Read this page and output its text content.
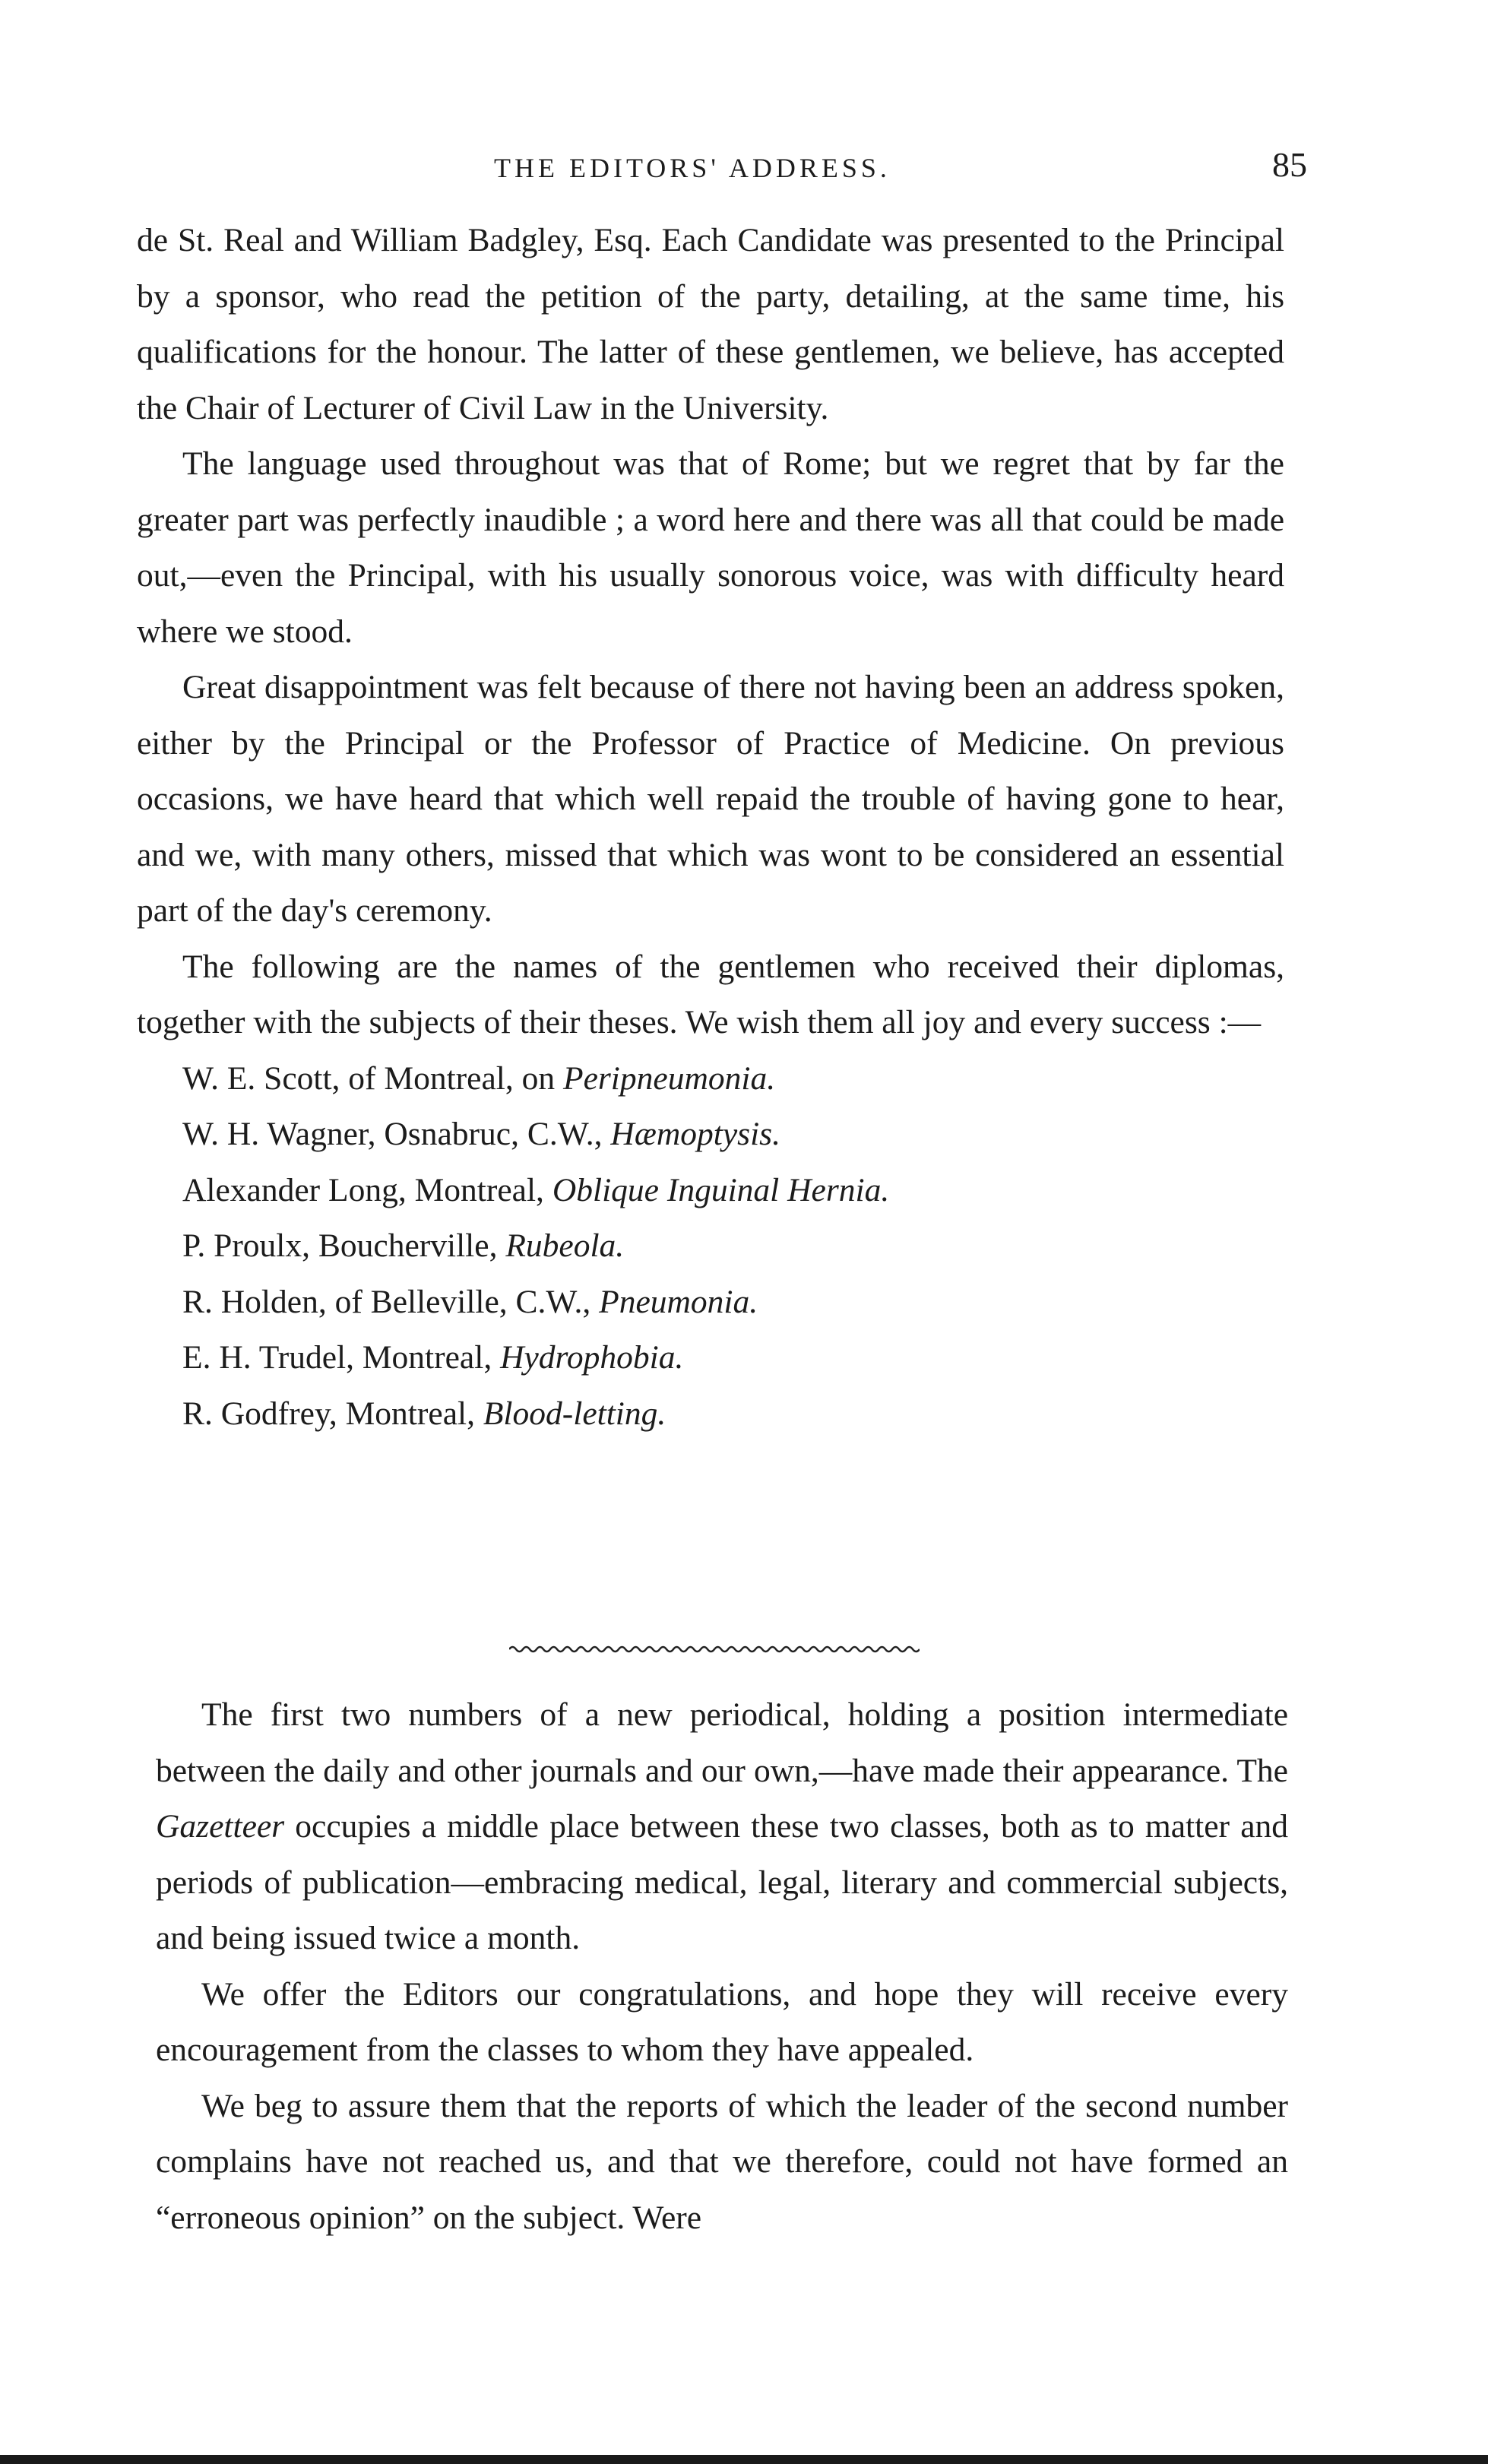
THE EDITORS' ADDRESS.	85

de St. Real and William Badgley, Esq. Each Candidate was presented to the Principal by a sponsor, who read the petition of the party, detailing, at the same time, his qualifications for the honour. The latter of these gentlemen, we believe, has accepted the Chair of Lecturer of Civil Law in the University.

The language used throughout was that of Rome; but we regret that by far the greater part was perfectly inaudible ; a word here and there was all that could be made out,—even the Principal, with his usually sonorous voice, was with difficulty heard where we stood.

Great disappointment was felt because of there not having been an address spoken, either by the Principal or the Professor of Practice of Medicine. On previous occasions, we have heard that which well repaid the trouble of having gone to hear, and we, with many others, missed that which was wont to be considered an essential part of the day's ceremony.

The following are the names of the gentlemen who received their diplomas, together with the subjects of their theses. We wish them all joy and every success :—

W. E. Scott, of Montreal, on Peripneumonia.
W. H. Wagner, Osnabruc, C.W., Hæmoptysis.
Alexander Long, Montreal, Oblique Inguinal Hernia.
P. Proulx, Boucherville, Rubeola.
R. Holden, of Belleville, C.W., Pneumonia.
E. H. Trudel, Montreal, Hydrophobia.
R. Godfrey, Montreal, Blood-letting.

The first two numbers of a new periodical, holding a position intermediate between the daily and other journals and our own,—have made their appearance. The Gazetteer occupies a middle place between these two classes, both as to matter and periods of publication—embracing medical, legal, literary and commercial subjects, and being issued twice a month.

We offer the Editors our congratulations, and hope they will receive every encouragement from the classes to whom they have appealed.

We beg to assure them that the reports of which the leader of the second number complains have not reached us, and that we therefore, could not have formed an “erroneous opinion” on the subject. Were
